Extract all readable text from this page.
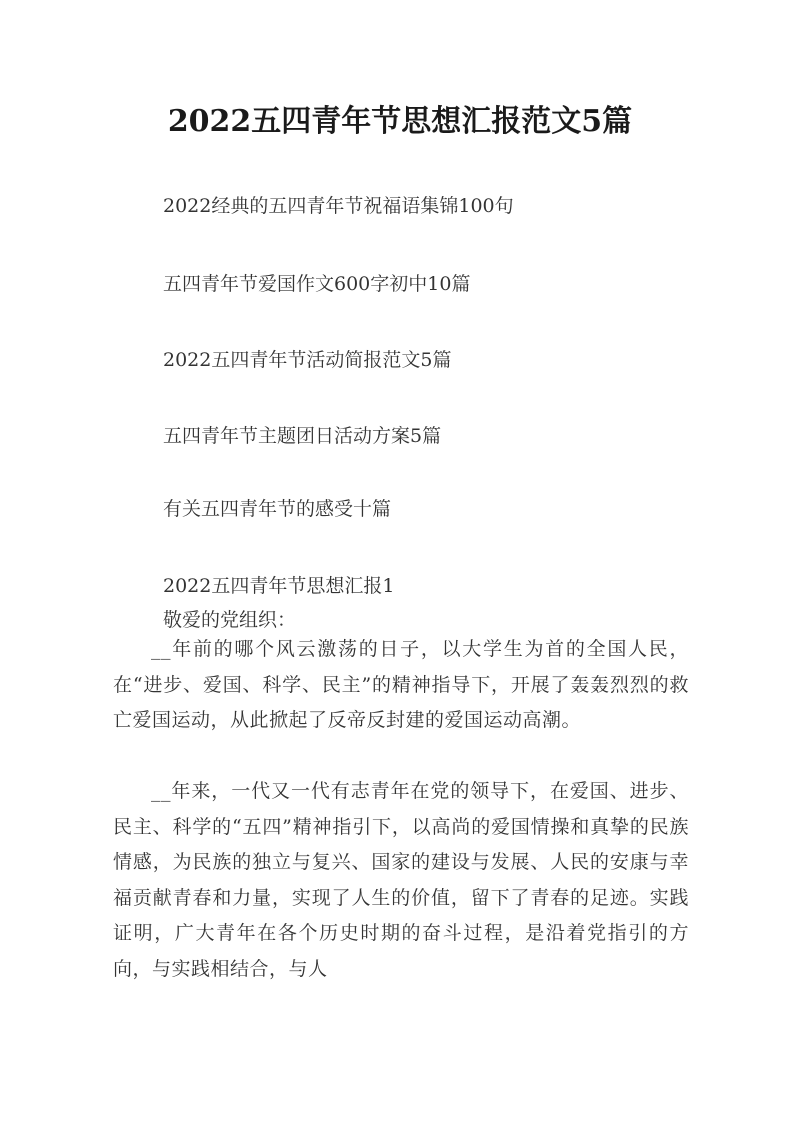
2022五四青年节思想汇报范文5篇
2022经典的五四青年节祝福语集锦100句
五四青年节爱国作文600字初中10篇
2022五四青年节活动简报范文5篇
五四青年节主题团日活动方案5篇
有关五四青年节的感受十篇
2022五四青年节思想汇报1
敬爱的党组织：

__年前的哪个风云激荡的日子，以大学生为首的全国人民，在“进步、爱国、科学、民主”的精神指导下，开展了轰轰烈烈的救亡爱国运动，从此掀起了反帝反封建的爱国运动高潮。

__年来，一代又一代有志青年在党的领导下，在爱国、进步、民主、科学的“五四”精神指引下，以高尚的爱国情操和真挚的民族情感，为民族的独立与复兴、国家的建设与发展、人民的安康与幸福贡献青春和力量，实现了人生的价值，留下了青春的足迹。实践证明，广大青年在各个历史时期的奋斗过程，是沿着党指引的方向，与实践相结合，与人
